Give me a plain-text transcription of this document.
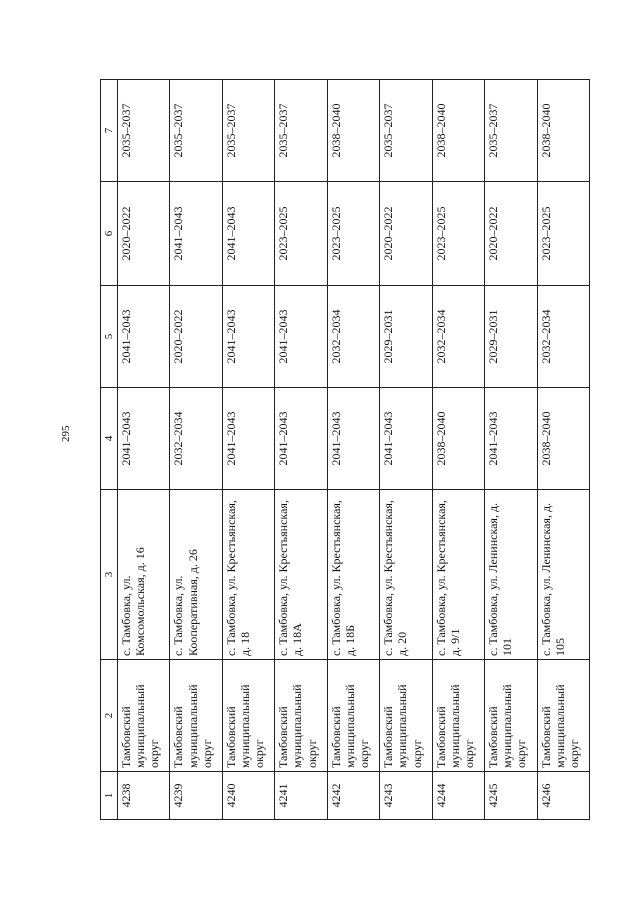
295
1	2	3	4	5	6	7
4238	Тамбовский муниципальный округ	с. Тамбовка, ул. Комсомольская, д. 16	2041–2043	2041–2043	2020–2022	2035–2037
4239	Тамбовский муниципальный округ	с. Тамбовка, ул. Кооперативная, д. 26	2032–2034	2020–2022	2041–2043	2035–2037
4240	Тамбовский муниципальный округ	с. Тамбовка, ул. Крестьянская, д. 18	2041–2043	2041–2043	2041–2043	2035–2037
4241	Тамбовский муниципальный округ	с. Тамбовка, ул. Крестьянская, д. 18А	2041–2043	2041–2043	2023–2025	2035–2037
4242	Тамбовский муниципальный округ	с. Тамбовка, ул. Крестьянская, д. 18Б	2041–2043	2032–2034	2023–2025	2038–2040
4243	Тамбовский муниципальный округ	с. Тамбовка, ул. Крестьянская, д. 20	2041–2043	2029–2031	2020–2022	2035–2037
4244	Тамбовский муниципальный округ	с. Тамбовка, ул. Крестьянская, д. 9/1	2038–2040	2032–2034	2023–2025	2038–2040
4245	Тамбовский муниципальный округ	с. Тамбовка, ул. Ленинская, д. 101	2041–2043	2029–2031	2020–2022	2035–2037
4246	Тамбовский муниципальный округ	с. Тамбовка, ул. Ленинская, д. 105	2038–2040	2032–2034	2023–2025	2038–2040
